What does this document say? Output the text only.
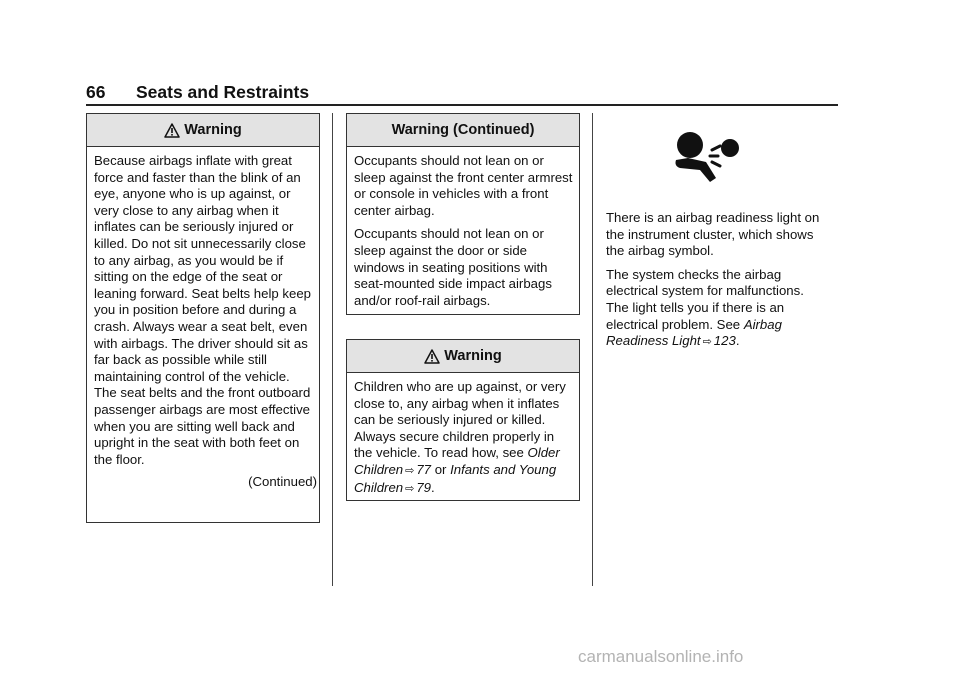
66 Seats and Restraints
Warning

Because airbags inflate with great force and faster than the blink of an eye, anyone who is up against, or very close to any airbag when it inflates can be seriously injured or killed. Do not sit unnecessarily close to any airbag, as you would be if sitting on the edge of the seat or leaning forward. Seat belts help keep you in position before and during a crash. Always wear a seat belt, even with airbags. The driver should sit as far back as possible while still maintaining control of the vehicle. The seat belts and the front outboard passenger airbags are most effective when you are sitting well back and upright in the seat with both feet on the floor.

(Continued)
Warning (Continued)

Occupants should not lean on or sleep against the front center armrest or console in vehicles with a front center airbag.

Occupants should not lean on or sleep against the door or side windows in seating positions with seat-mounted side impact airbags and/or roof-rail airbags.

Warning

Children who are up against, or very close to, any airbag when it inflates can be seriously injured or killed. Always secure children properly in the vehicle. To read how, see Older Children ⇨ 77 or Infants and Young Children ⇨ 79.

There is an airbag readiness light on the instrument cluster, which shows the airbag symbol.

The system checks the airbag electrical system for malfunctions. The light tells you if there is an electrical problem. See Airbag Readiness Light ⇨ 123.

carmanualsonline.info
